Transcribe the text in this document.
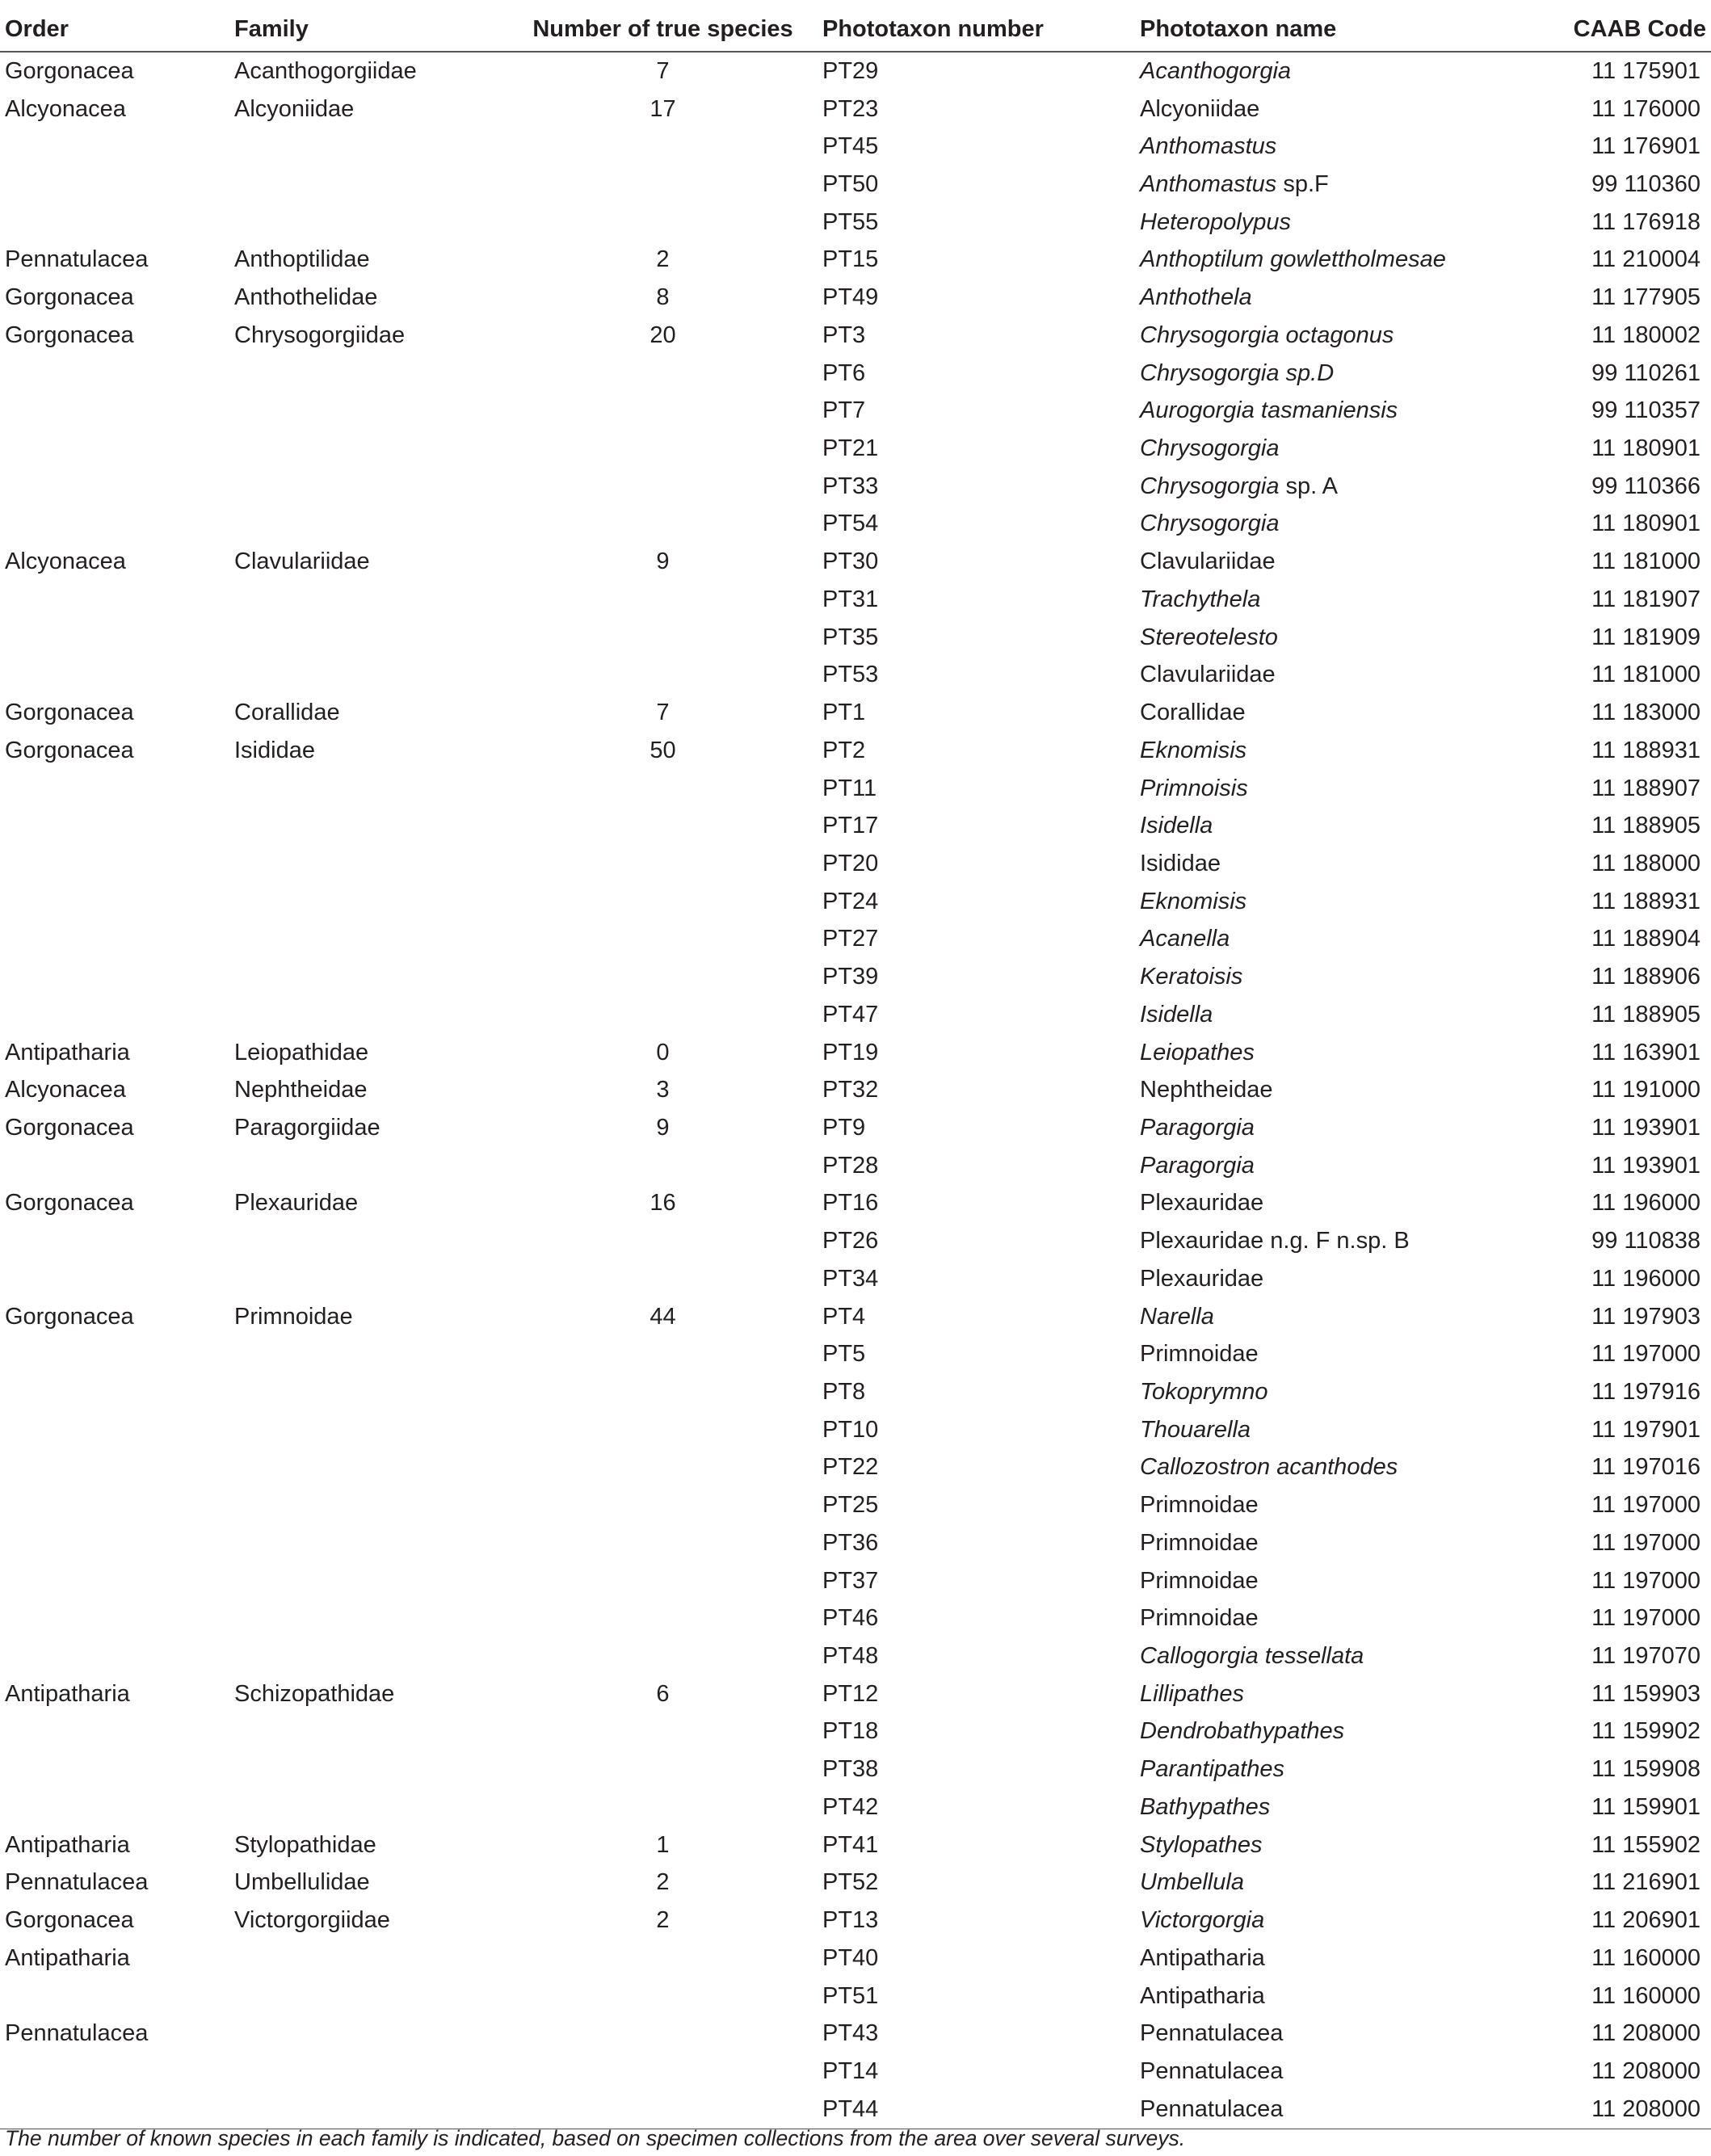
Order	Family	Number of true species	Phototaxon number	Phototaxon name	CAAB Code
Gorgonacea	Acanthogorgiidae	7	PT29	Acanthogorgia	11 175901
Alcyonacea	Alcyoniidae	17	PT23	Alcyoniidae	11 176000
			PT45	Anthomastus	11 176901
			PT50	Anthomastus sp.F	99 110360
			PT55	Heteropolypus	11 176918
Pennatulacea	Anthoptilidae	2	PT15	Anthoptilum gowlettholmesae	11 210004
Gorgonacea	Anthothelidae	8	PT49	Anthothela	11 177905
Gorgonacea	Chrysogorgiidae	20	PT3	Chrysogorgia octagonus	11 180002
			PT6	Chrysogorgia sp.D	99 110261
			PT7	Aurogorgia tasmaniensis	99 110357
			PT21	Chrysogorgia	11 180901
			PT33	Chrysogorgia sp. A	99 110366
			PT54	Chrysogorgia	11 180901
Alcyonacea	Clavulariidae	9	PT30	Clavulariidae	11 181000
			PT31	Trachythela	11 181907
			PT35	Stereotelesto	11 181909
			PT53	Clavulariidae	11 181000
Gorgonacea	Corallidae	7	PT1	Corallidae	11 183000
Gorgonacea	Isididae	50	PT2	Eknomisis	11 188931
			PT11	Primnoisis	11 188907
			PT17	Isidella	11 188905
			PT20	Isididae	11 188000
			PT24	Eknomisis	11 188931
			PT27	Acanella	11 188904
			PT39	Keratoisis	11 188906
			PT47	Isidella	11 188905
Antipatharia	Leiopathidae	0	PT19	Leiopathes	11 163901
Alcyonacea	Nephtheidae	3	PT32	Nephtheidae	11 191000
Gorgonacea	Paragorgiidae	9	PT9	Paragorgia	11 193901
			PT28	Paragorgia	11 193901
Gorgonacea	Plexauridae	16	PT16	Plexauridae	11 196000
			PT26	Plexauridae n.g. F n.sp. B	99 110838
			PT34	Plexauridae	11 196000
Gorgonacea	Primnoidae	44	PT4	Narella	11 197903
			PT5	Primnoidae	11 197000
			PT8	Tokoprymno	11 197916
			PT10	Thouarella	11 197901
			PT22	Callozostron acanthodes	11 197016
			PT25	Primnoidae	11 197000
			PT36	Primnoidae	11 197000
			PT37	Primnoidae	11 197000
			PT46	Primnoidae	11 197000
			PT48	Callogorgia tessellata	11 197070
Antipatharia	Schizopathidae	6	PT12	Lillipathes	11 159903
			PT18	Dendrobathypathes	11 159902
			PT38	Parantipathes	11 159908
			PT42	Bathypathes	11 159901
Antipatharia	Stylopathidae	1	PT41	Stylopathes	11 155902
Pennatulacea	Umbellulidae	2	PT52	Umbellula	11 216901
Gorgonacea	Victorgorgiidae	2	PT13	Victorgorgia	11 206901
Antipatharia			PT40	Antipatharia	11 160000
			PT51	Antipatharia	11 160000
Pennatulacea			PT43	Pennatulacea	11 208000
			PT14	Pennatulacea	11 208000
			PT44	Pennatulacea	11 208000
The number of known species in each family is indicated, based on specimen collections from the area over several surveys.
